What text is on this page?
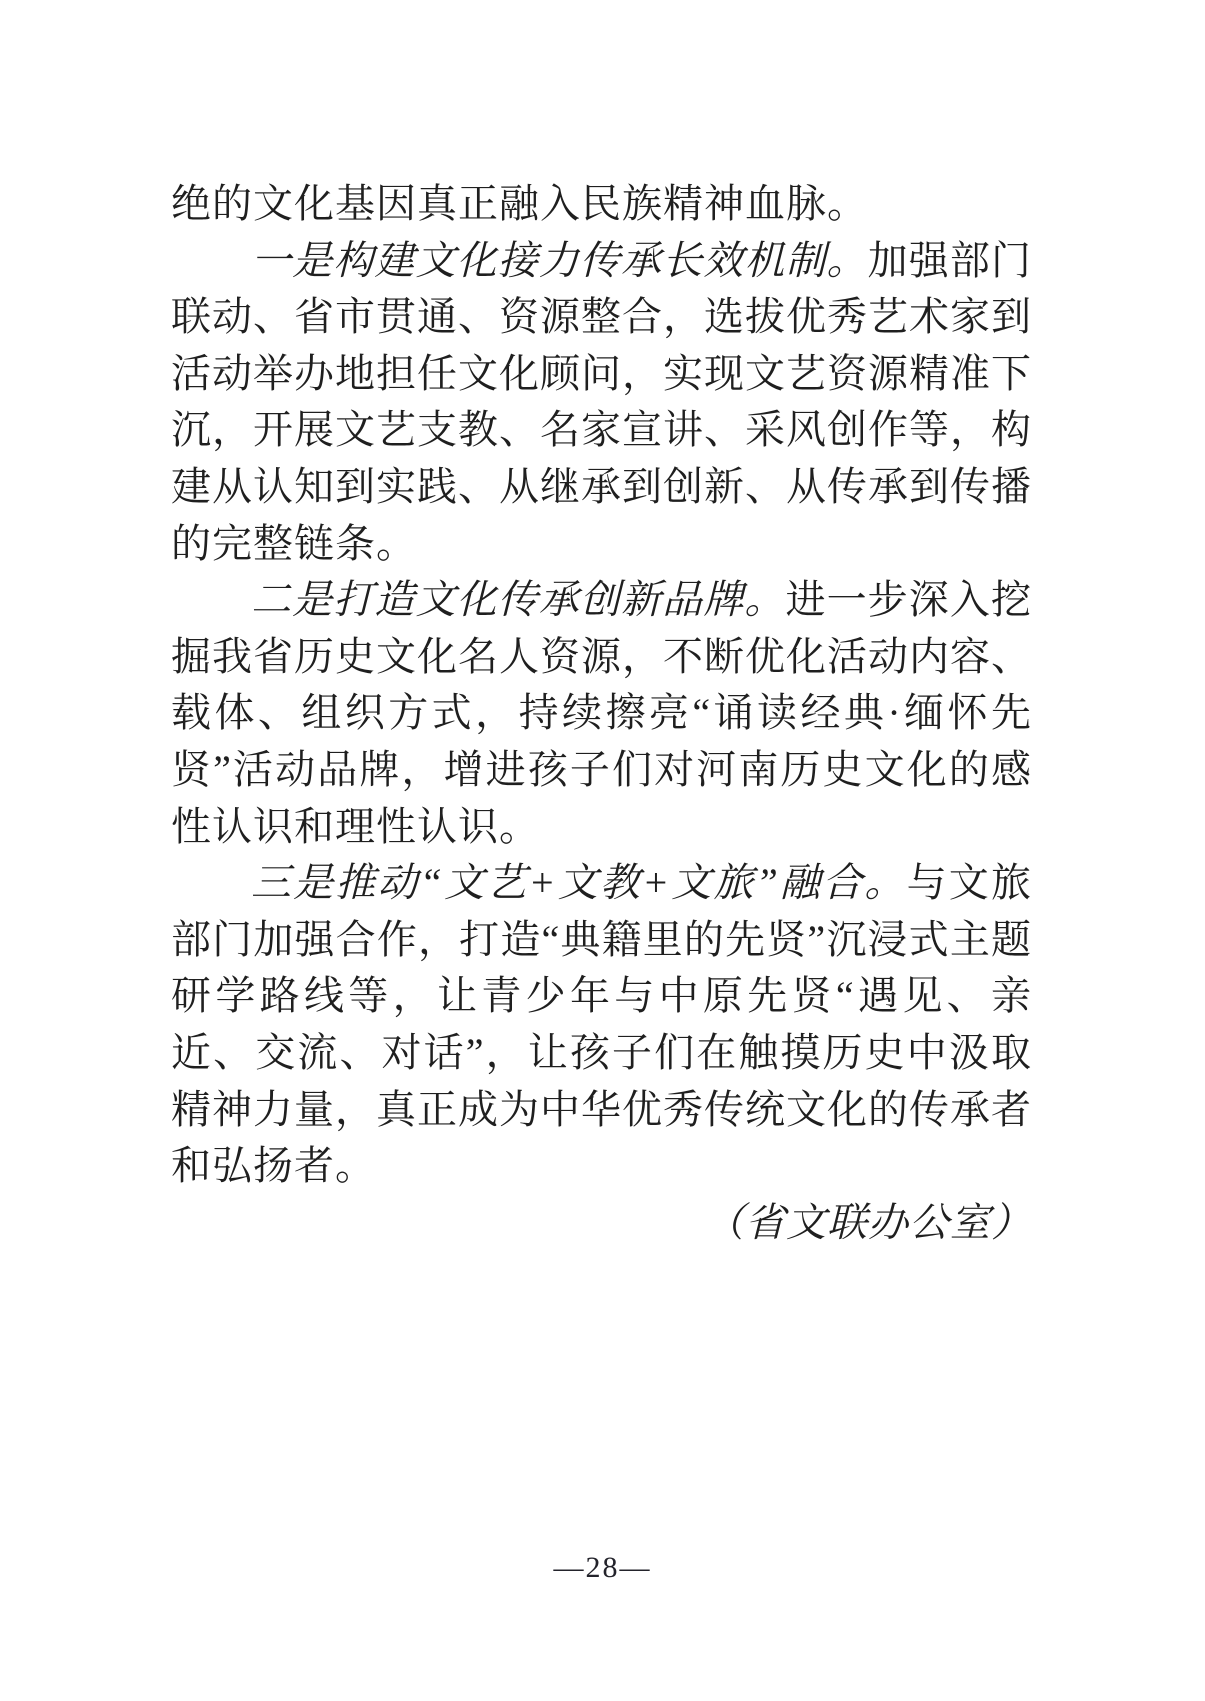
绝的文化基因真正融入民族精神血脉。

一是构建文化接力传承长效机制。加强部门联动、省市贯通、资源整合，选拔优秀艺术家到活动举办地担任文化顾问，实现文艺资源精准下沉，开展文艺支教、名家宣讲、采风创作等，构建从认知到实践、从继承到创新、从传承到传播的完整链条。

二是打造文化传承创新品牌。进一步深入挖掘我省历史文化名人资源，不断优化活动内容、载体、组织方式，持续擦亮“诵读经典·缅怀先贤”活动品牌，增进孩子们对河南历史文化的感性认识和理性认识。

三是推动“文艺+文教+文旅”融合。与文旅部门加强合作，打造“典籍里的先贤”沉浸式主题研学路线等，让青少年与中原先贤“遇见、亲近、交流、对话”，让孩子们在触摸历史中汲取精神力量，真正成为中华优秀传统文化的传承者和弘扬者。

（省文联办公室）

—28—
